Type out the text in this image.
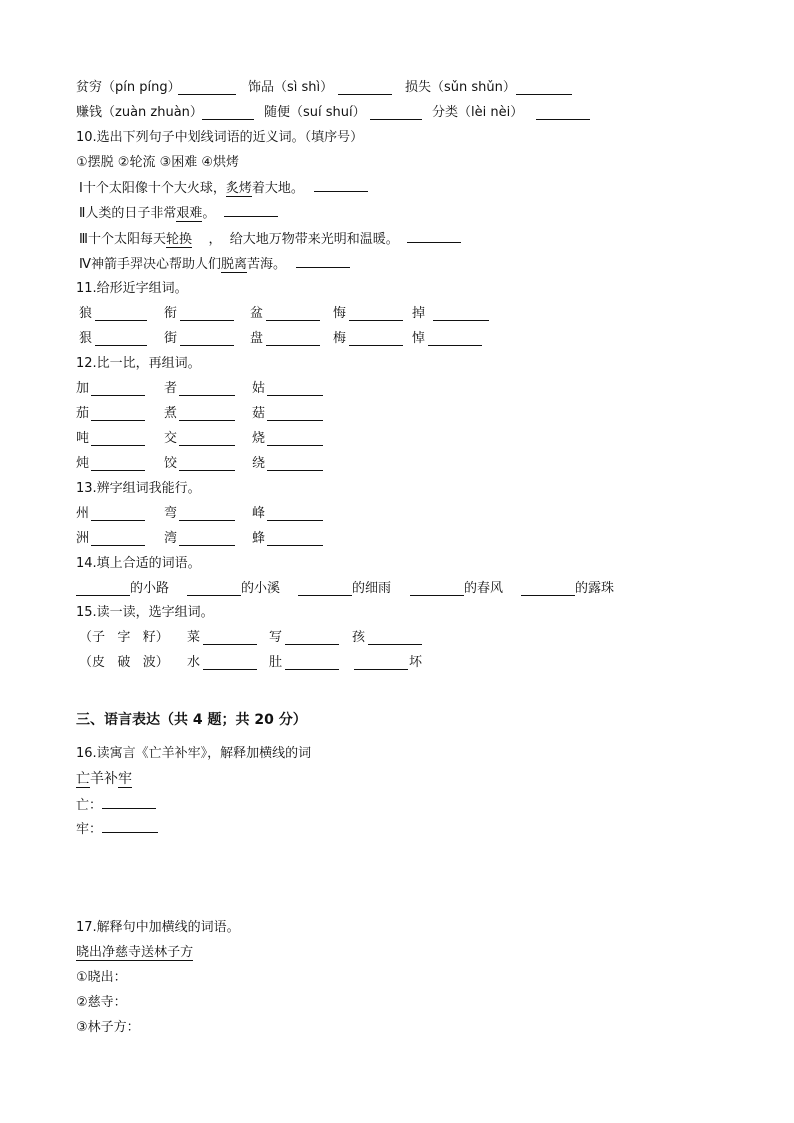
贫穷（pín píng）	饰品（sì shì）	损失（sǔn shǔn）
赚钱（zuàn zhuàn）	随便（suí shuí）	分类（lèi nèi）
10.选出下列句子中划线词语的近义词。（填序号）
①摆脱 ②轮流 ③困难 ④烘烤
Ⅰ十个太阳像十个大火球，炙烤着大地。
Ⅱ人类的日子非常艰难。
Ⅲ十个太阳每天轮换    ，  给大地万物带来光明和温暖。
Ⅳ神箭手羿决心帮助人们脱离苦海。
11.给形近字组词。
狼	衔	盆	悔	掉
狠	街	盘	梅	悼
12.比一比，再组词。
加	者	姑
茄	煮	菇
吨	交	烧
炖	饺	绕
13.辨字组词我能行。
州	弯	峰
洲	湾	蜂
14.填上合适的词语。
的小路	的小溪	的细雨	的春风	的露珠
15.读一读，选字组词。
（子   字   籽） 菜	写	孩
（皮   破   波） 水	肚	坏
三、语言表达（共 4 题；共 20 分）
16.读寓言《亡羊补牢》，解释加横线的词
亡羊补牢
亡：
牢：
17.解释句中加横线的词语。
晓出净慈寺送林子方
①晓出：
②慈寺：
③林子方：
